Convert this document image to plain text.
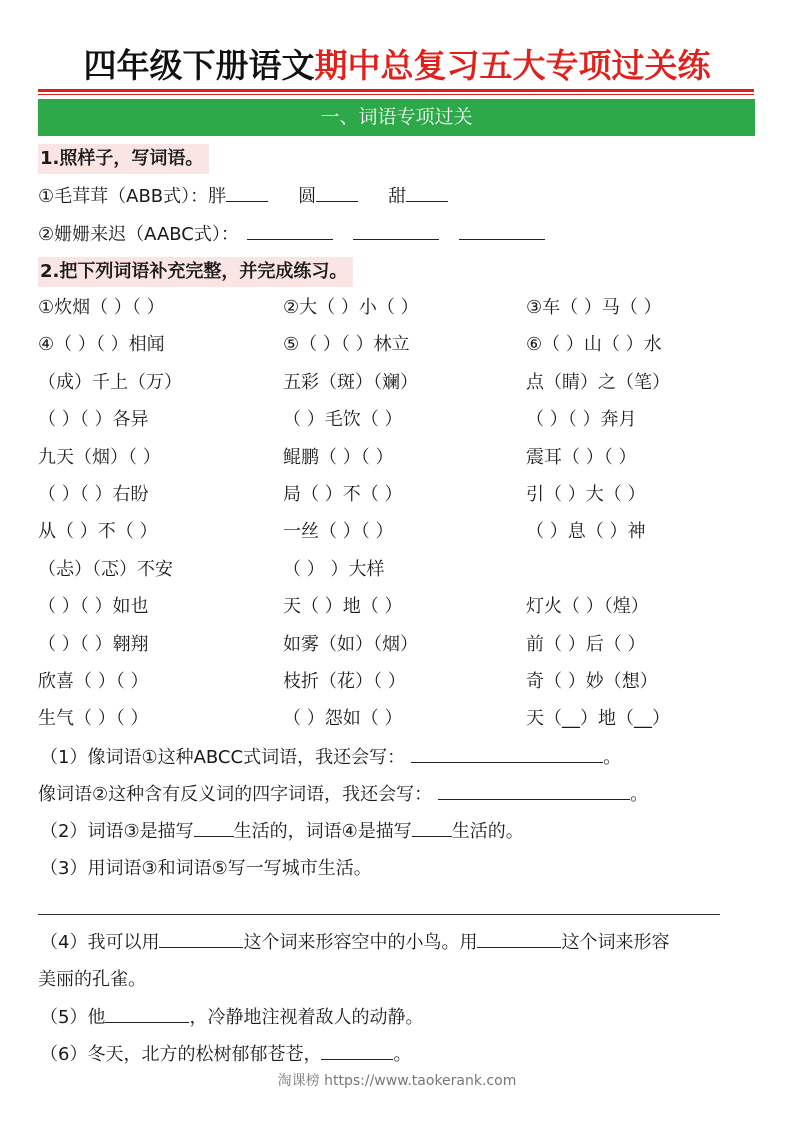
四年级下册语文期中总复习五大专项过关练
一、词语专项过关
1.照样子，写词语。
①毛茸茸（ABB式）：胖	圆	甜
②姗姗来迟（AABC式）：
2.把下列词语补充完整，并完成练习。
①炊烟（ ）（ ）	②大（ ）小（ ）	③车（ ）马（ ）
④（ ）（ ）相闻	⑤（ ）（ ）林立	⑥（ ）山（ ）水
（成）千上（万）	五彩（斑）（斓）	点（睛）之（笔）
（ ）（ ）各异	（ ）毛饮（ ）	（ ）（ ）奔月
九天（烟）（ ）	鲲鹏（ ）（ ）	震耳（ ）（ ）
（ ）（ ）右盼	局（ ）不（ ）	引（ ）大（ ）
从（ ）不（ ）	一丝（ ）（ ）	（ ）息（ ）神
（忐）（忑）不安	（ ） ）大样
（ ）（ ）如也	天（ ）地（ ）	灯火（ ）（煌）
（ ）（ ）翱翔	如雾（如）（烟）	前（ ）后（ ）
欣喜（ ）（ ）	枝折（花）（ ）	奇（ ）妙（想）
生气（ ）（ ）	（ ）怨如（ ）	天（__）地（__）
（1）像词语①这种ABCC式词语，我还会写：	。
像词语②这种含有反义词的四字词语，我还会写：	。
（2）词语③是描写 生活的，词语④是描写 生活的。
（3）用词语③和词语⑤写一写城市生活。
（4）我可以用	这个词来形容空中的小鸟。用	这个词来形容
美丽的孔雀。
（5）他	，冷静地注视着敌人的动静。
（6）冬天，北方的松树郁郁苍苍，	。
淘课榜 https://www.taokerank.com
